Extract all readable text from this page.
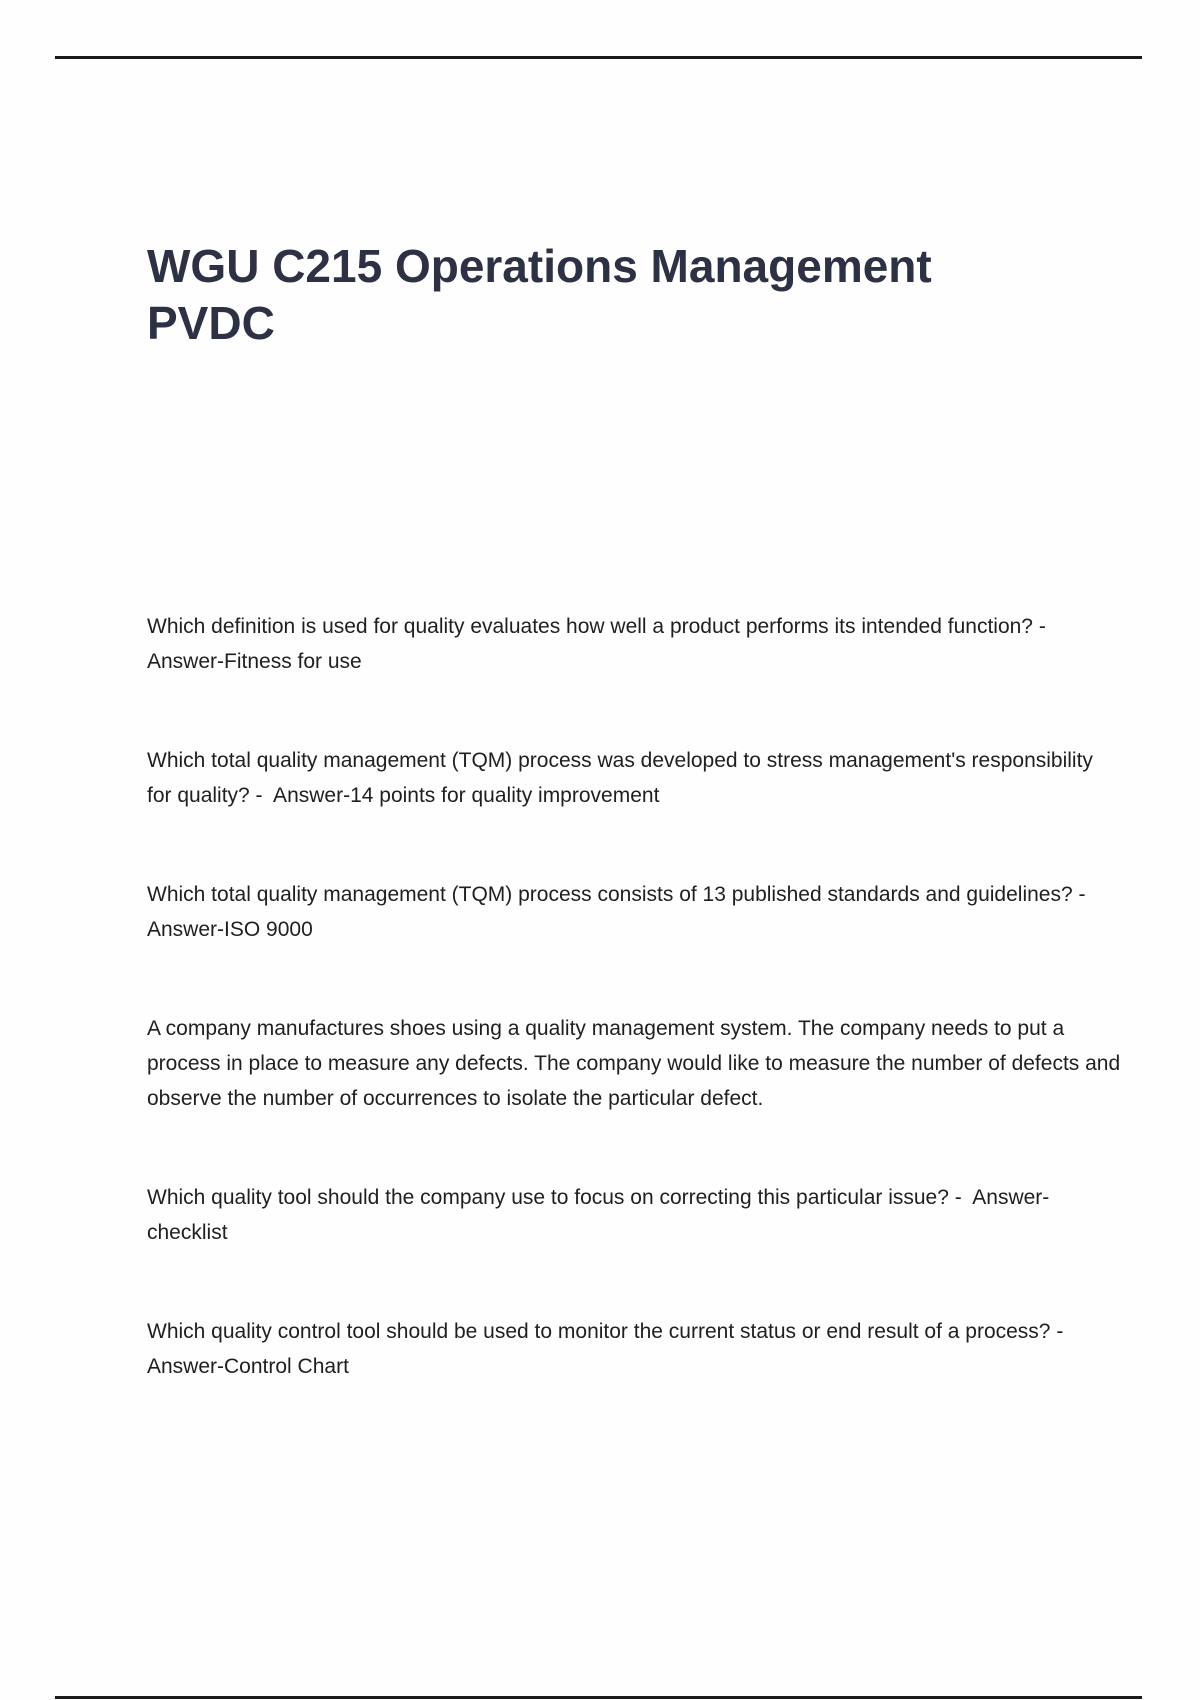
WGU C215 Operations Management
PVDC
Which definition is used for quality evaluates how well a product performs its intended function? -
Answer-Fitness for use
Which total quality management (TQM) process was developed to stress management's responsibility
for quality? -  Answer-14 points for quality improvement
Which total quality management (TQM) process consists of 13 published standards and guidelines? -
Answer-ISO 9000
A company manufactures shoes using a quality management system. The company needs to put a
process in place to measure any defects. The company would like to measure the number of defects and
observe the number of occurrences to isolate the particular defect.
Which quality tool should the company use to focus on correcting this particular issue? -  Answer-
checklist
Which quality control tool should be used to monitor the current status or end result of a process? -
Answer-Control Chart
